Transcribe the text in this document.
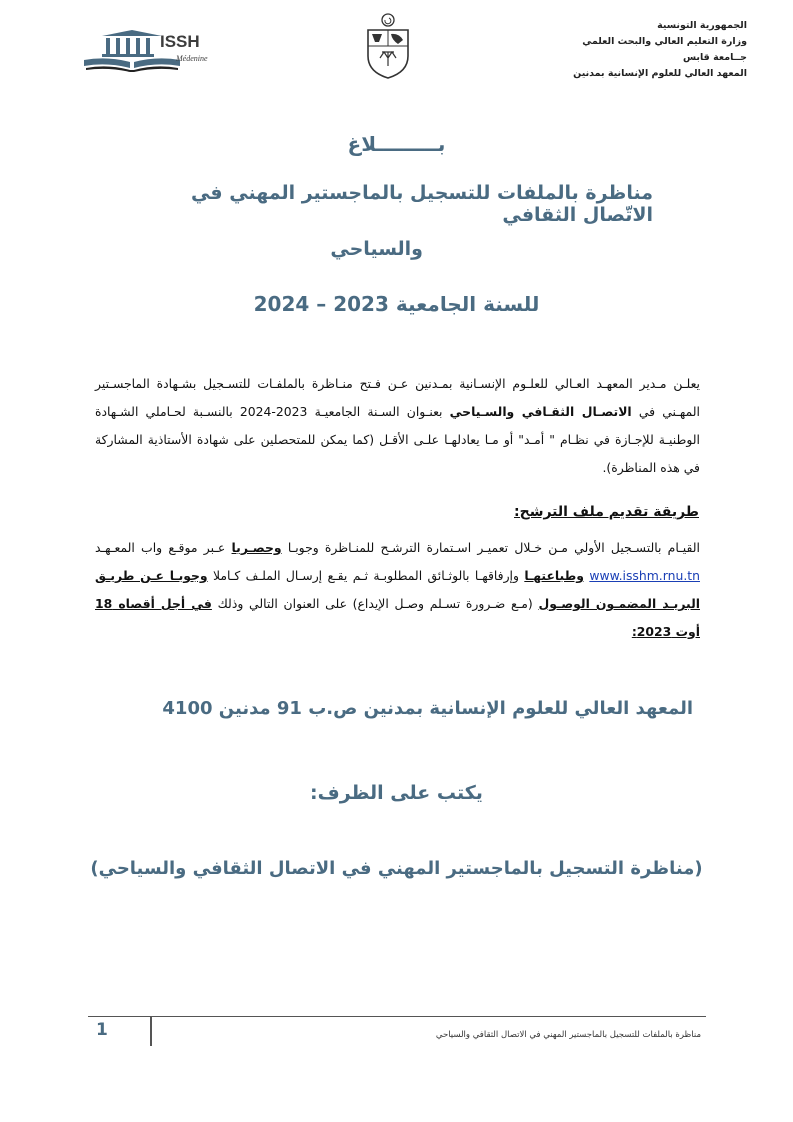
ISSH
Médenine
الجمهورية التونسية
وزارة التعليم العالي والبحث العلمي
جــامعة قابس
المعهد العالي للعلوم الإنسانية بمدنين
بـــــــــلاغ
مناظرة بالملفات للتسجيل بالماجستير المهني في الاتّصال الثقافي
والسياحي
للسنة الجامعية 2023 – 2024
يعلـن مـدير المعهـد العـالي للعلـوم الإنسـانية بمـدنين عـن فـتح منـاظرة بالملفـات للتسـجيل بشـهادة الماجسـتير المهـني في الاتصـال الثقـافي والسـياحي بعنـوان السـنة الجامعيـة 2023-2024 بالنسـبة لحـاملي الشـهادة الوطنيـة للإجـازة في نظـام " أمـد" أو مـا يعادلهـا علـى الأقـل (كما يمكن للمتحصلين على شهادة الأستاذية المشاركة في هذه المناظرة).
طريقة تقديم ملف الترشح:
القيـام بالتسـجيل الأولي مـن خـلال تعميـر اسـتمارة الترشـح للمنـاظرة وجوبـا وحصـريا عـبر موقـع واب المعـهـد www.isshm.rnu.tn وطباعتهـا وإرفاقهـا بالوثـائق المطلوبـة ثـم يقـع إرسـال الملـف كـاملا وجوبـا عـن طريـق البريـد المضمـون الوصـول (مـع ضـرورة تسـلم وصـل الإيداع) على العنوان التالي وذلك في أجل أقصاه 18 أوت 2023:
المعهد العالي للعلوم الإنسانية بمدنين ص.ب 91 مدنين 4100
يكتب على الظرف:
(مناظرة التسجيل بالماجستير المهني في الاتصال الثقافي والسياحي)
1	مناظرة بالملفات للتسجيل بالماجستير المهني في الاتصال الثقافي والسياحي
